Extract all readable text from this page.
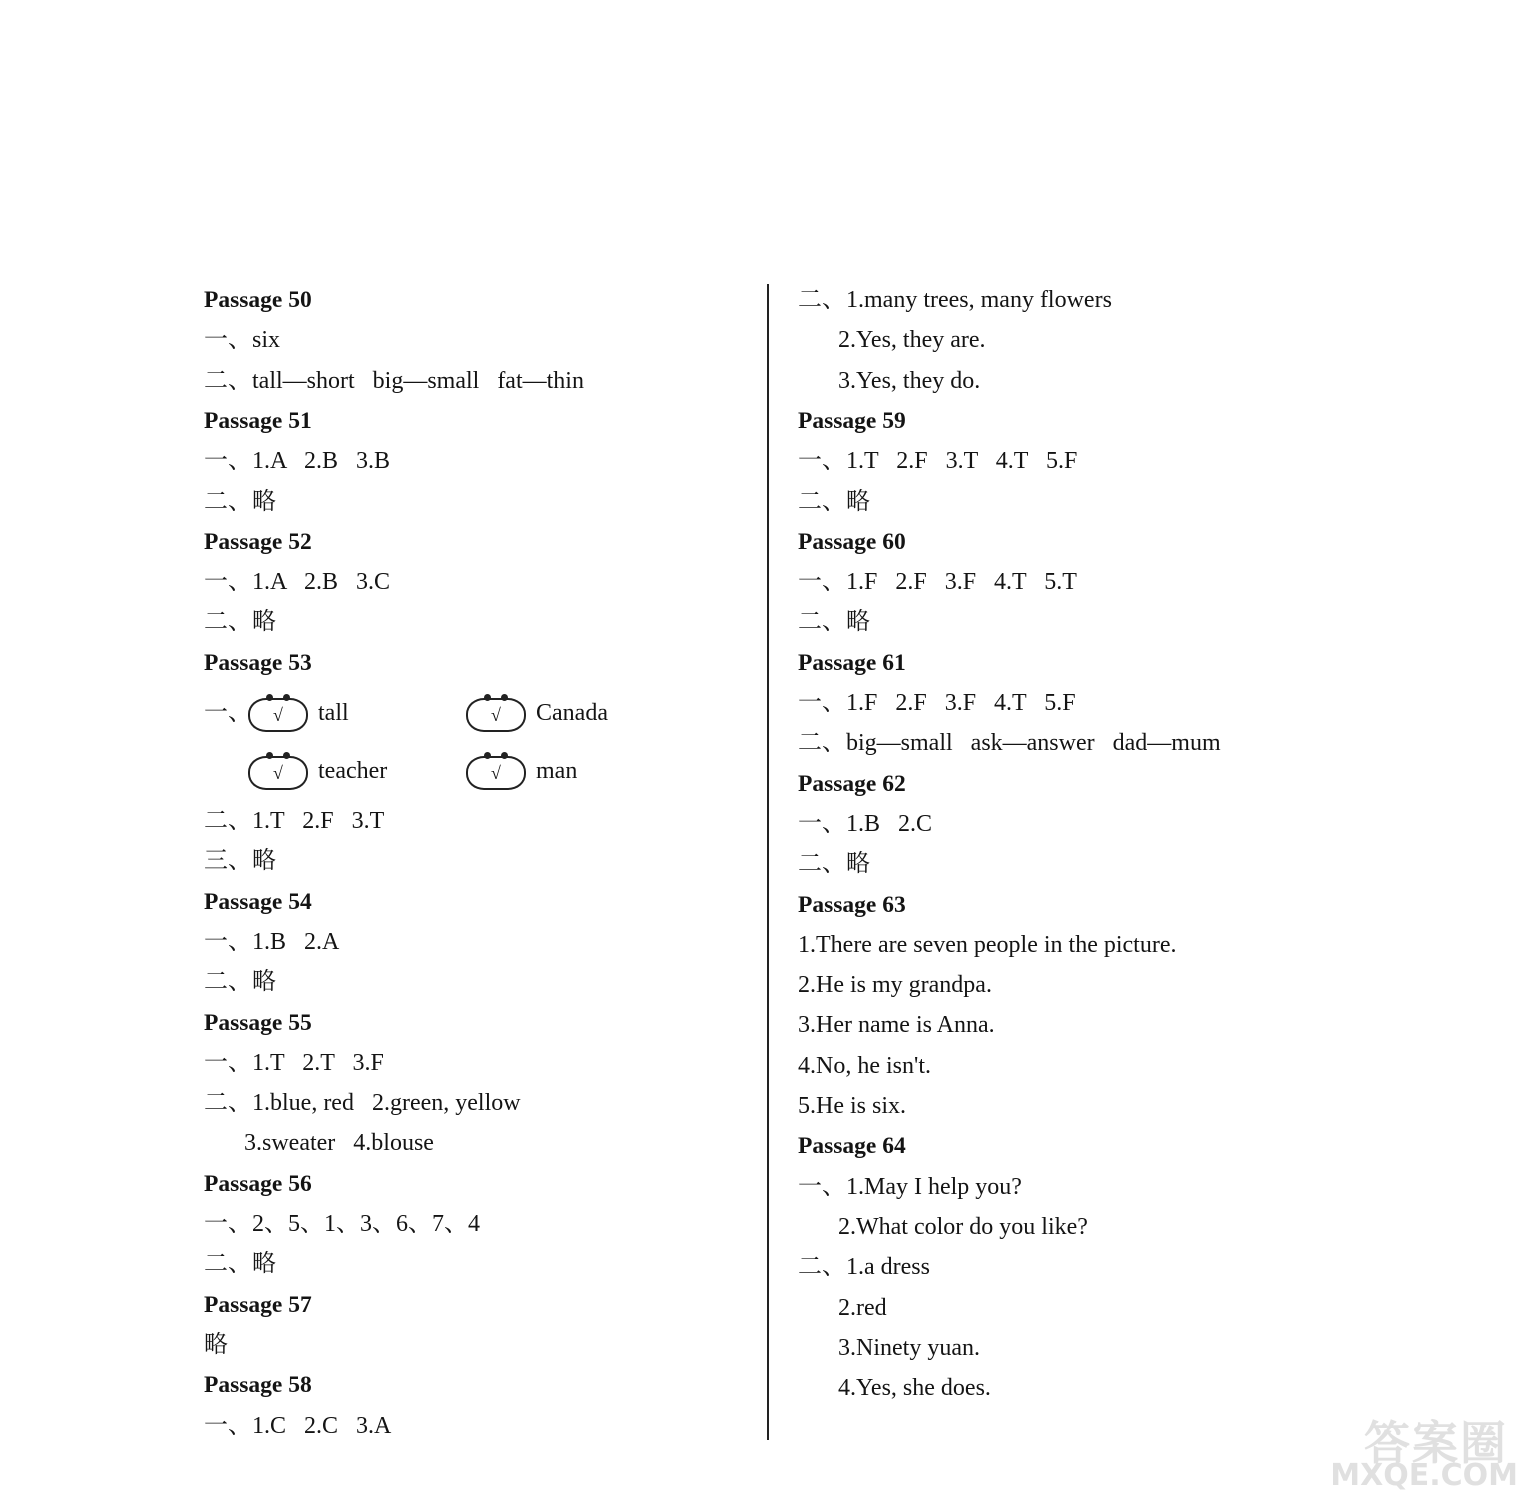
Passage 50
一、six
二、tall—short   big—small   fat—thin
Passage 51
一、1.A   2.B   3.B
二、略
Passage 52
一、1.A   2.B   3.C
二、略
Passage 53
一、	√	tall	√	Canada
√	teacher	√	man
二、1.T   2.F   3.T
三、略
Passage 54
一、1.B   2.A
二、略
Passage 55
一、1.T   2.T   3.F
二、1.blue, red   2.green, yellow
3.sweater   4.blouse
Passage 56
一、2、5、1、3、6、7、4
二、略
Passage 57
略
Passage 58
一、1.C   2.C   3.A
二、1.many trees, many flowers
2.Yes, they are.
3.Yes, they do.
Passage 59
一、1.T   2.F   3.T   4.T   5.F
二、略
Passage 60
一、1.F   2.F   3.F   4.T   5.T
二、略
Passage 61
一、1.F   2.F   3.F   4.T   5.F
二、big—small   ask—answer   dad—mum
Passage 62
一、1.B   2.C
二、略
Passage 63
1.There are seven people in the picture.
2.He is my grandpa.
3.Her name is Anna.
4.No, he isn't.
5.He is six.
Passage 64
一、1.May I help you?
2.What color do you like?
二、1.a dress
2.red
3.Ninety yuan.
4.Yes, she does.
答案圈
MXQE.COM
